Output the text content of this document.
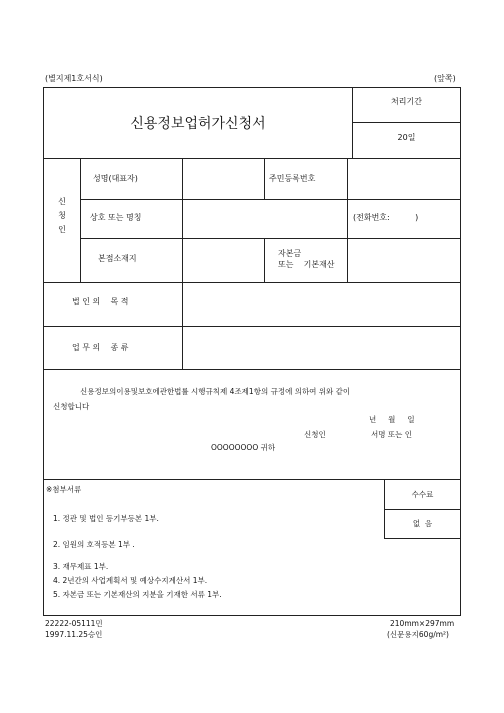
(별지제1호서식)	(앞쪽)
신용정보업허가신청서
처리기간
20일
신
청
인
성명(대표자)	주민등록번호
상호 또는 명칭	(전화번호:          )
본점소재지
자본금
또는    기본재산
법 인 의    목 적
업 무 의    종 류
신용정보의이용및보호에관한법률 시행규칙제 4조제1항의 규정에 의하여 위와 같이
신청합니다
년     월     일
신청인	서명 또는 인
OOOOOOOO 귀하
※첨부서류
1. 정관 및 법인 등기부등본 1부.
2. 임원의 호적등본 1부 .
3. 재무제표 1부.
4. 2년간의 사업계획서 및 예상수지계산서 1부.
5. 자본금 또는 기본재산의 지분을 기재한 서류 1부.
수수료
없  음
22222-05111민
1997.11.25승인
210mm×297mm
(신문용지60g/m²)
